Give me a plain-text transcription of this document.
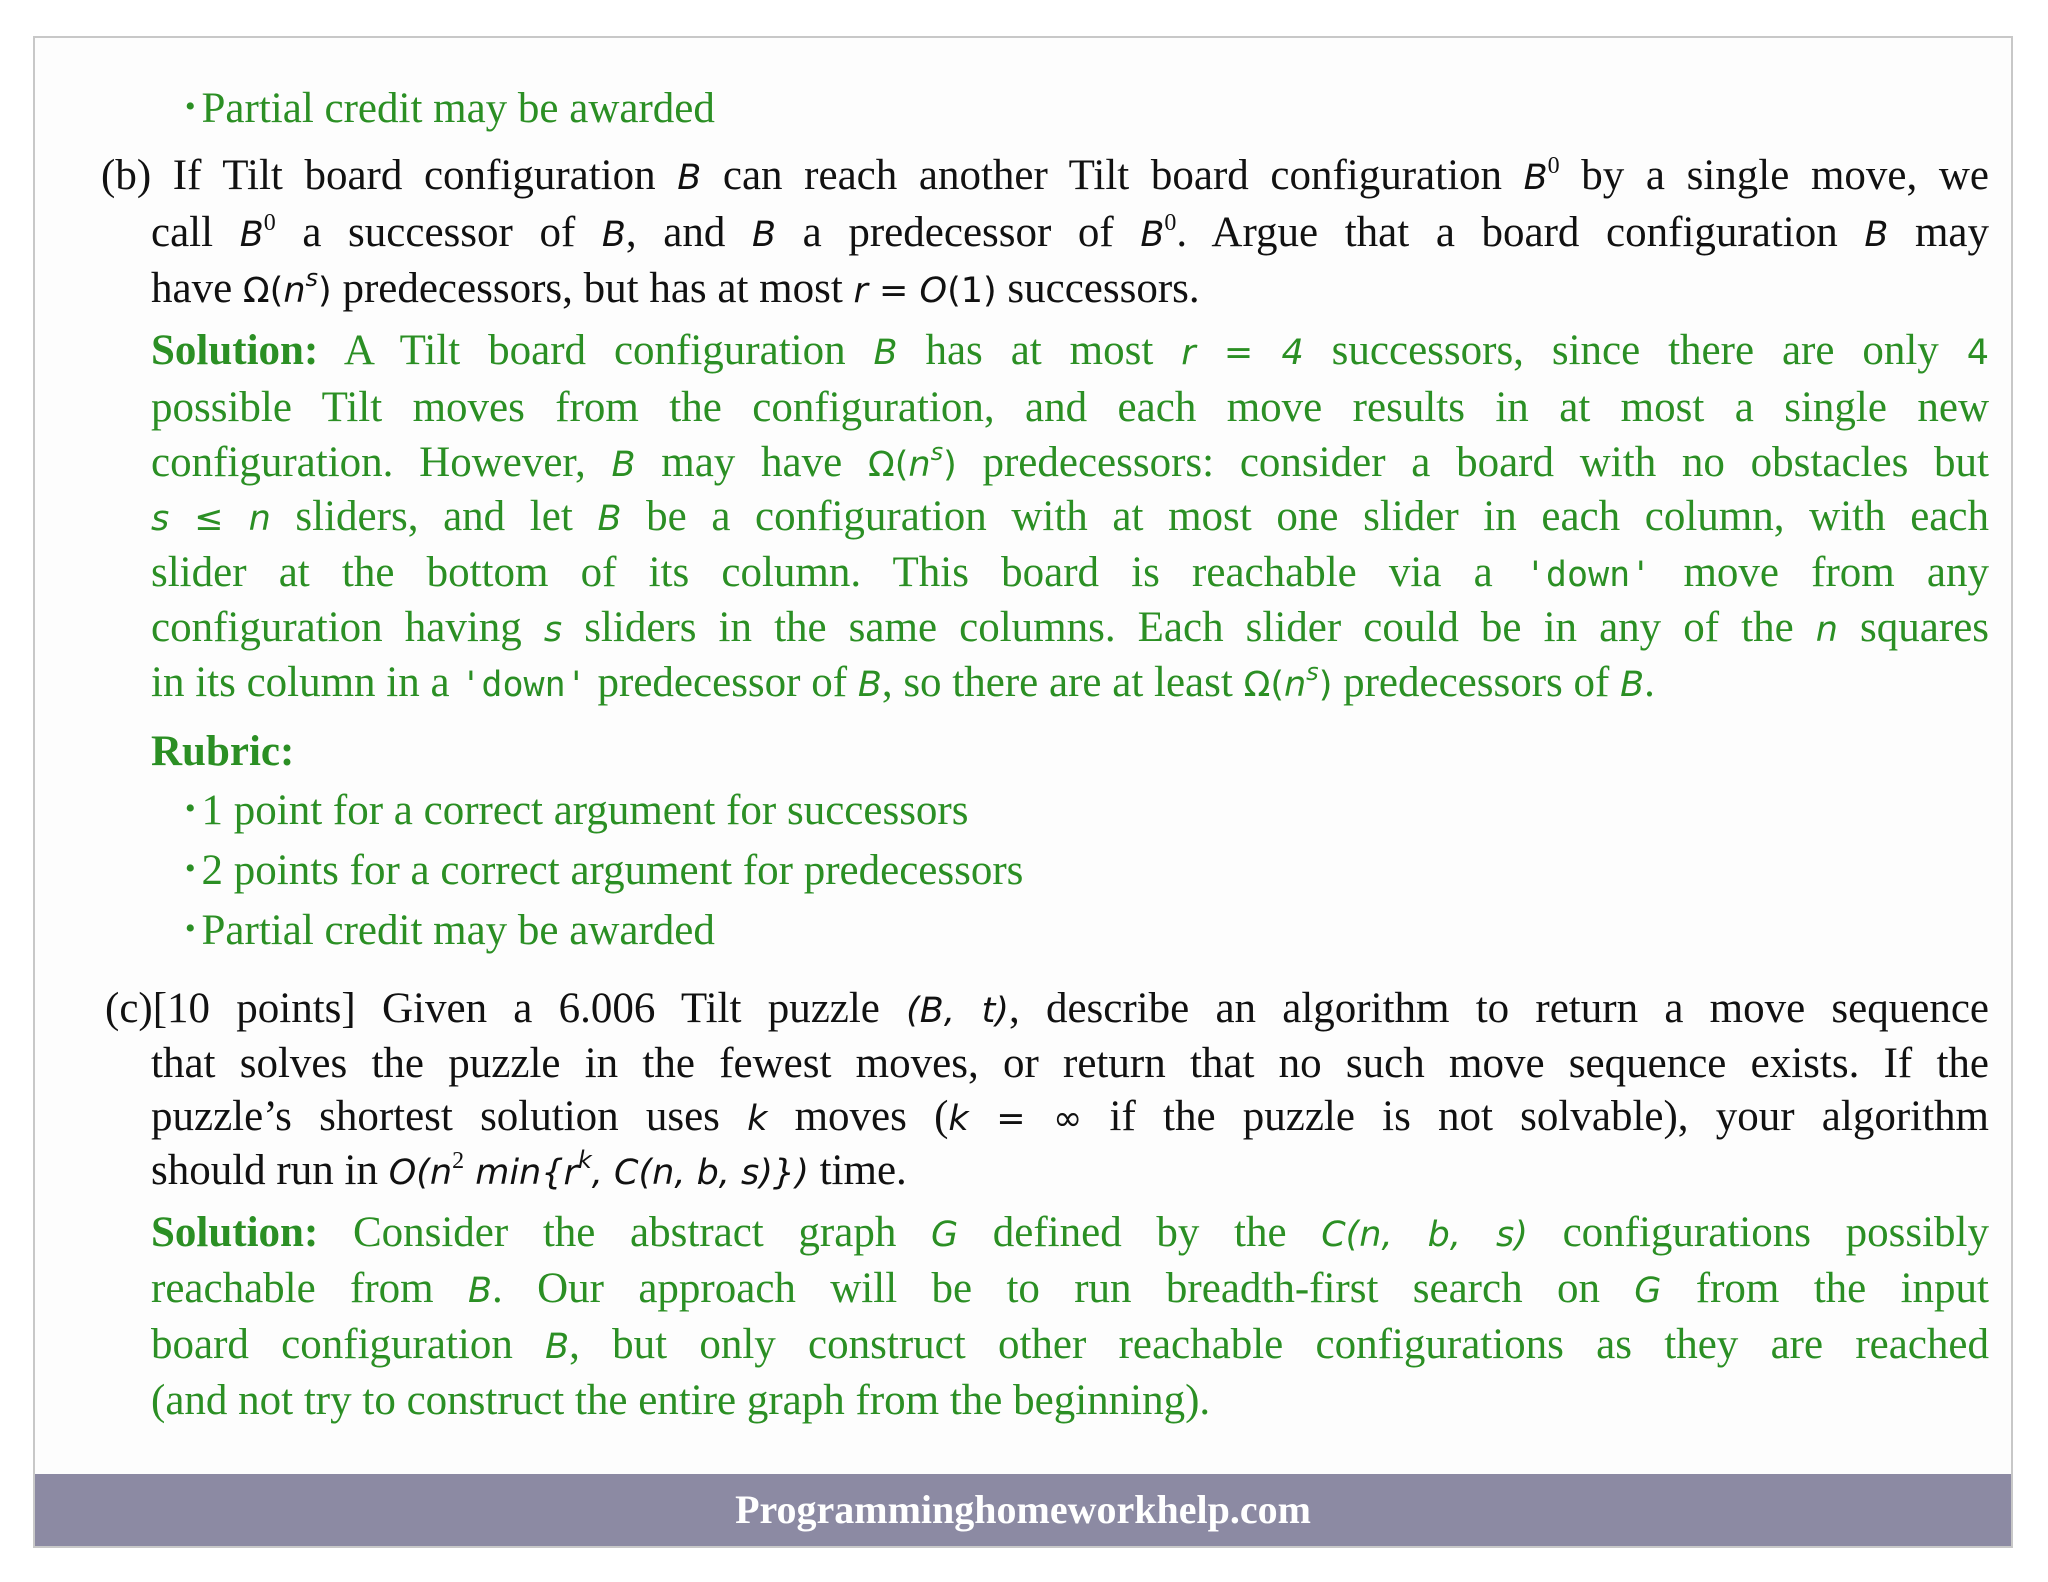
• Partial credit may be awarded
(b) If Tilt board configuration B can reach another Tilt board configuration $B^0$ by a single move, we
call $B^0$ a successor of B, and B a predecessor of $B^0$. Argue that a board configuration B may
have $\Omega(n^s)$ predecessors, but has at most r = O(1) successors.
Solution: A Tilt board configuration B has at most r = 4 successors, since there are only 4
possible Tilt moves from the configuration, and each move results in at most a single new
configuration. However, B may have $\Omega(n^s)$ predecessors: consider a board with no obstacles but
s ≤ n sliders, and let B be a configuration with at most one slider in each column, with each
slider at the bottom of its column. This board is reachable via a 'down' move from any
configuration having s sliders in the same columns. Each slider could be in any of the n squares
in its column in a 'down' predecessor of B, so there are at least $\Omega(n^s)$ predecessors of B.
Rubric:
• 1 point for a correct argument for successors
• 2 points for a correct argument for predecessors
• Partial credit may be awarded
(c)[10 points] Given a 6.006 Tilt puzzle (B, t), describe an algorithm to return a move sequence
that solves the puzzle in the fewest moves, or return that no such move sequence exists. If the
puzzle’s shortest solution uses k moves (k = ∞ if the puzzle is not solvable), your algorithm
should run in $O(n^2$ $\min\{r^k$, C(n, b, s)}) time.
Solution: Consider the abstract graph G defined by the C(n, b, s) configurations possibly
reachable from B. Our approach will be to run breadth-first search on G from the input
board configuration B, but only construct other reachable configurations as they are reached
(and not try to construct the entire graph from the beginning).
Programminghomeworkhelp.com
